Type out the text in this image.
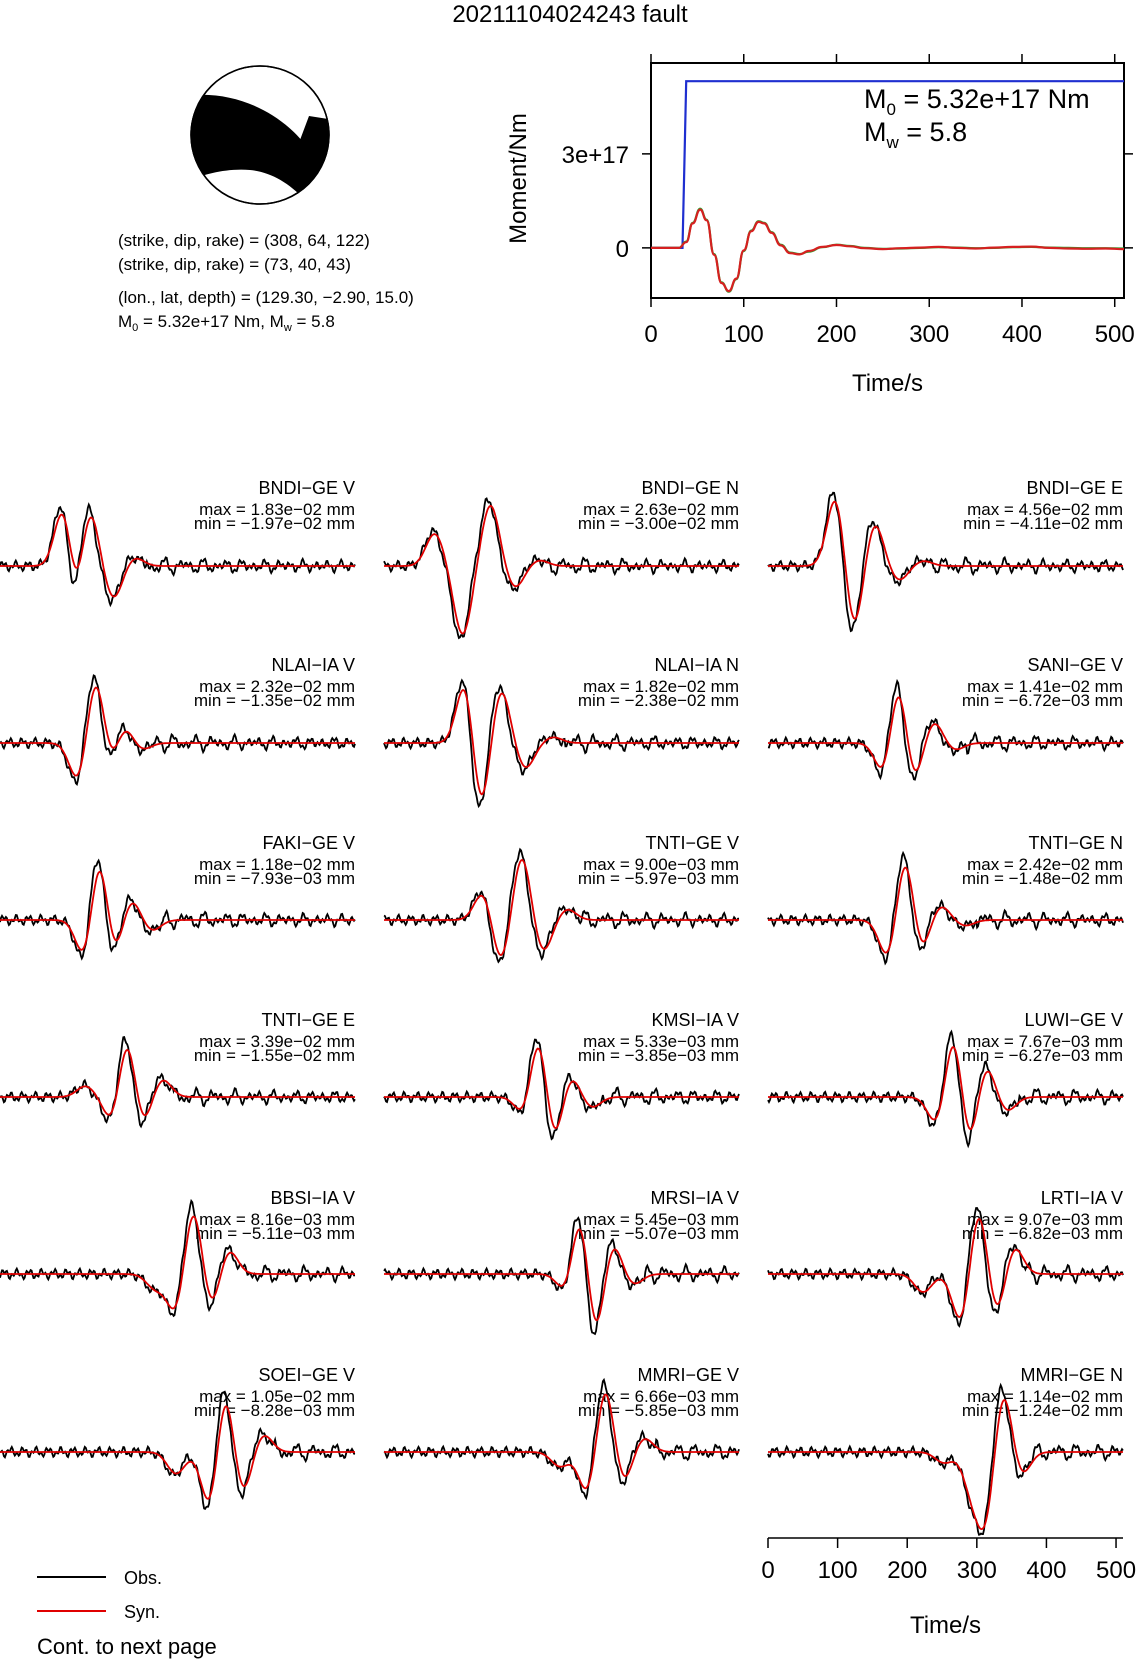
20211104024243 fault
(strike, dip, rake) = (308, 64, 122)
(strike, dip, rake) = (73, 40, 43)
(lon., lat, depth) = (129.30, −2.90, 15.0)
$M_0 = 5.32e+17$ Nm, $M_w = 5.8$	0	100 200 300 400 500
0
3e+17
Moment/Nm
Time/s
$M_0 = 5.32e+17$ Nm
$M_w = 5.8$
BNDI−GE V
max = 1.83e−02 mm
min = −1.97e−02 mm
BNDI−GE N
max = 2.63e−02 mm
min = −3.00e−02 mm
BNDI−GE E
max = 4.56e−02 mm
min = −4.11e−02 mm
NLAI−IA V
max = 2.32e−02 mm
min = −1.35e−02 mm
NLAI−IA N
max = 1.82e−02 mm
min = −2.38e−02 mm
SANI−GE V
max = 1.41e−02 mm
min = −6.72e−03 mm
FAKI−GE V
max = 1.18e−02 mm
min = −7.93e−03 mm
TNTI−GE V
max = 9.00e−03 mm
min = −5.97e−03 mm
TNTI−GE N
max = 2.42e−02 mm
min = −1.48e−02 mm
TNTI−GE E
max = 3.39e−02 mm
min = −1.55e−02 mm
KMSI−IA V
max = 5.33e−03 mm
min = −3.85e−03 mm
LUWI−GE V
max = 7.67e−03 mm
min = −6.27e−03 mm
BBSI−IA V
max = 8.16e−03 mm
min = −5.11e−03 mm
MRSI−IA V
max = 5.45e−03 mm
min = −5.07e−03 mm
LRTI−IA V
max = 9.07e−03 mm
min = −6.82e−03 mm
SOEI−GE V
max = 1.05e−02 mm
min = −8.28e−03 mm
MMRI−GE V
max = 6.66e−03 mm
min = −5.85e−03 mm
MMRI−GE N
max = 1.14e−02 mm
min = −1.24e−02 mm
0 100 200 300 400 500
Time/s
Obs.
Syn.
Cont. to next page
